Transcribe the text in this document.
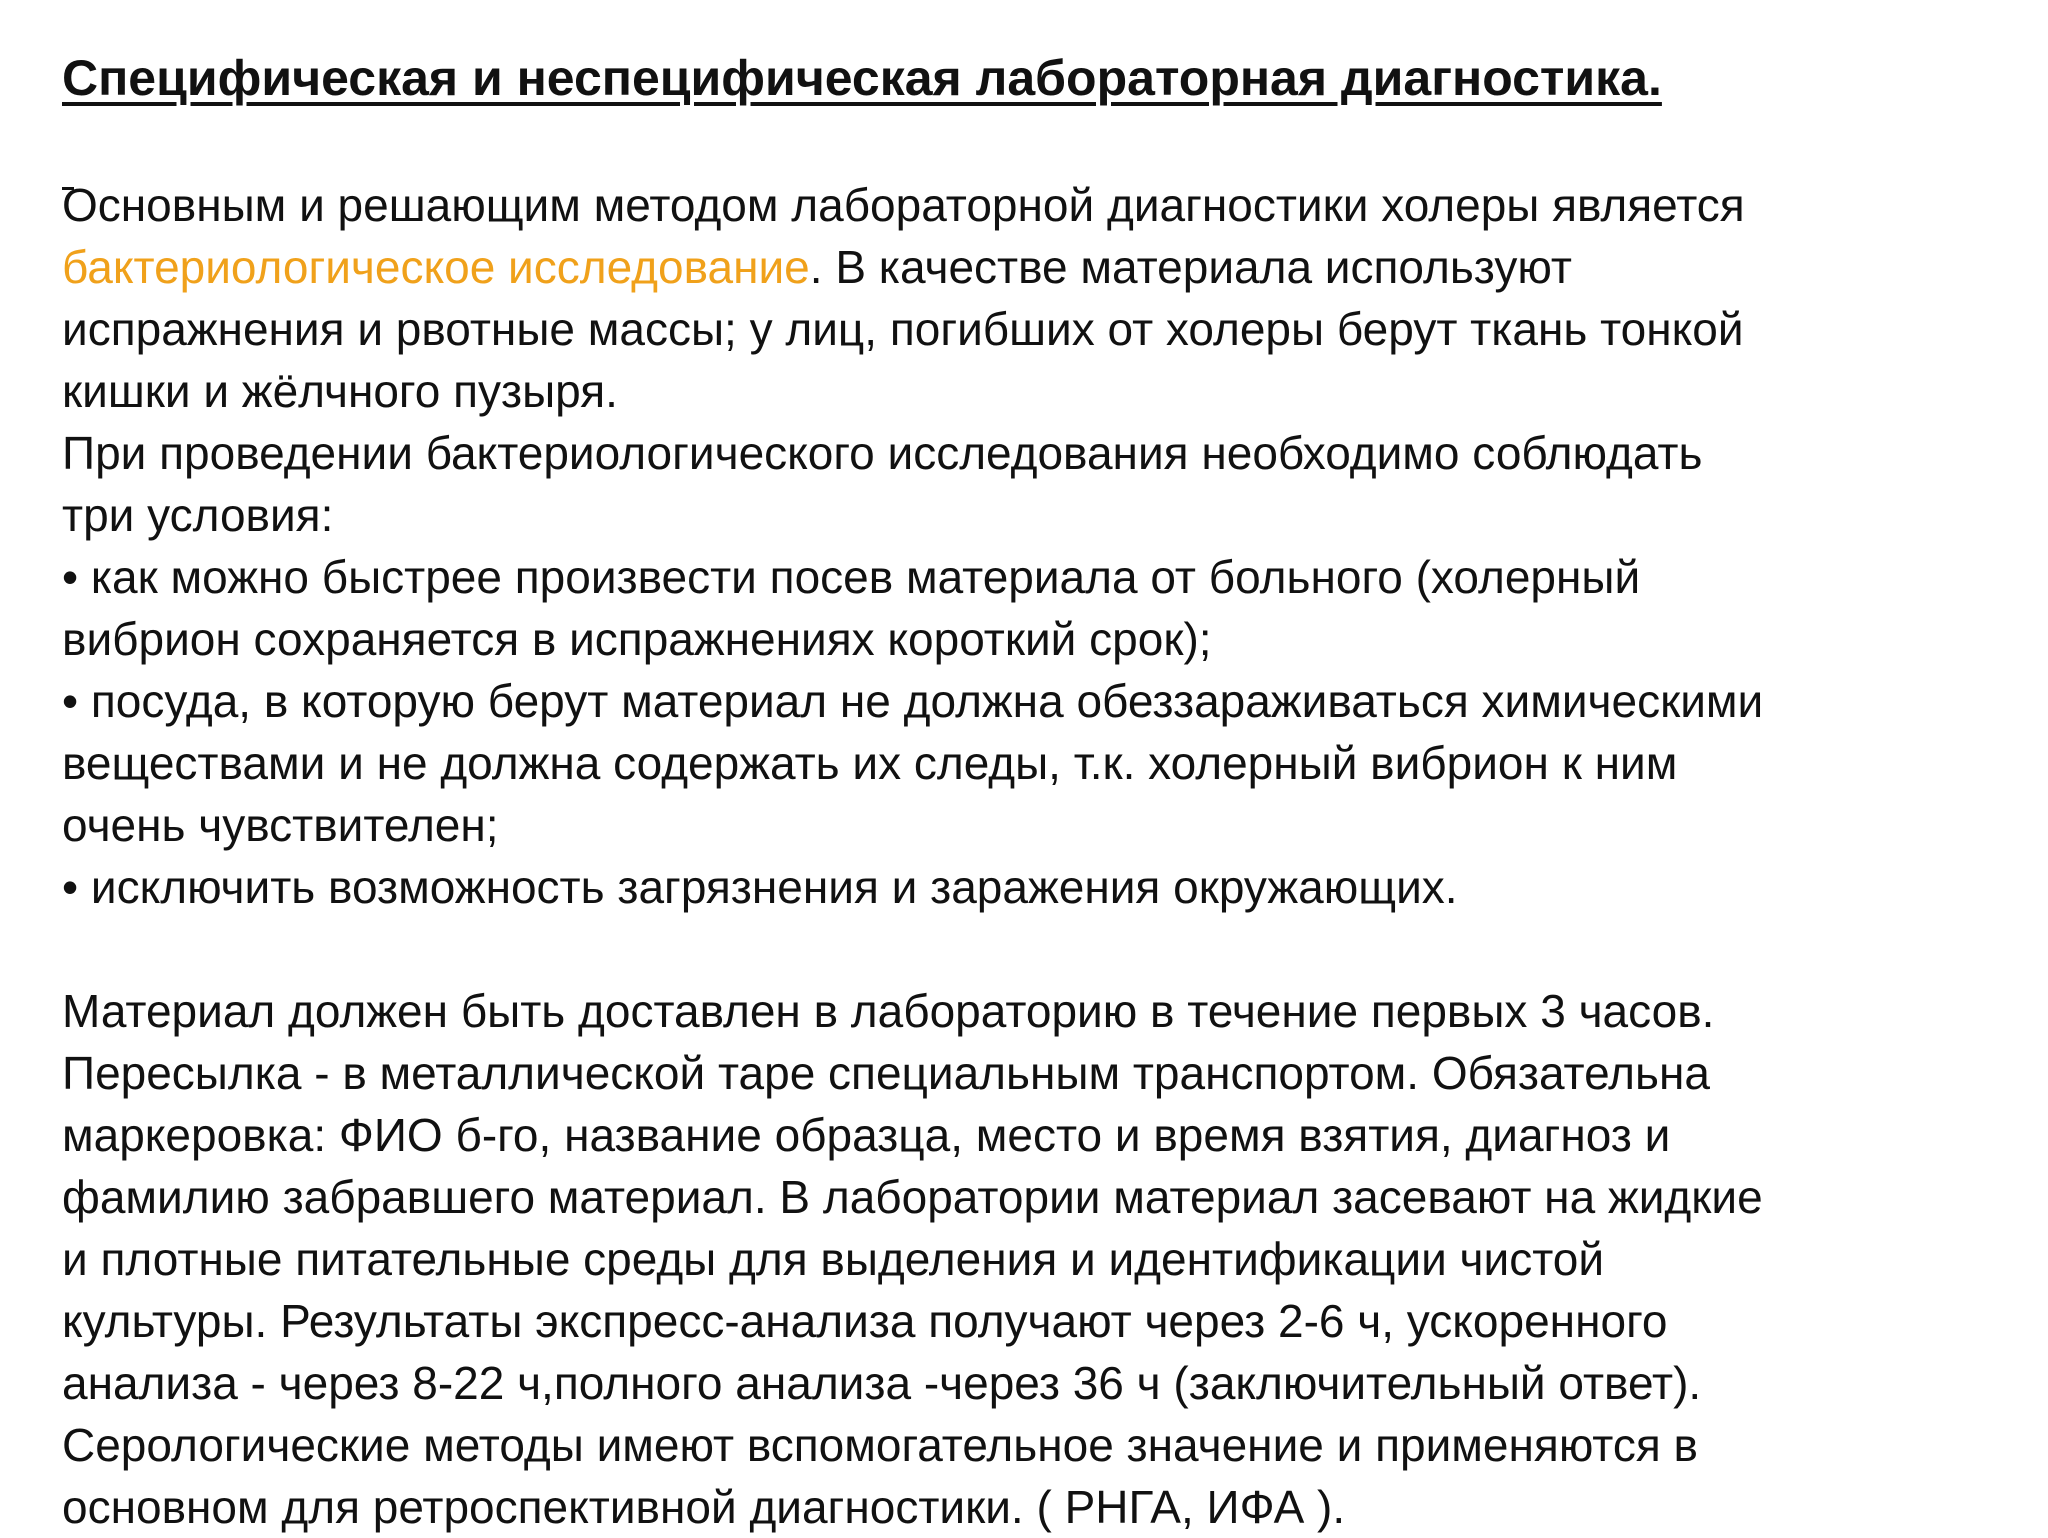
Специфическая и неспецифическая лабораторная диагностика.
Основным и решающим методом лабораторной диагностики холеры является
бактериологическое исследование. В качестве материала используют
испражнения и рвотные массы; у лиц, погибших от холеры берут ткань тонкой
кишки и жёлчного пузыря.
При проведении бактериологического исследования необходимо соблюдать
три условия:
• как можно быстрее произвести посев материала от больного (холерный
вибрион сохраняется в испражнениях короткий срок);
• посуда, в которую берут материал не должна обеззараживаться химическими
веществами и не должна содержать их следы, т.к. холерный вибрион к ним
очень чувствителен;
• исключить возможность загрязнения и заражения окружающих.
Материал должен быть доставлен в лабораторию в течение первых 3 часов.
Пересылка - в металлической таре специальным транспортом. Обязательна
маркеровка: ФИО б-го, название образца, место и время взятия, диагноз и
фамилию забравшего материал. В лаборатории материал засевают на жидкие
и плотные питательные среды для выделения и идентификации чистой
культуры. Результаты экспресс-анализа получают через 2-6 ч, ускоренного
анализа - через 8-22 ч,полного анализа -через 36 ч (заключительный ответ).
Серологические методы имеют вспомогательное значение и применяются в
основном для ретроспективной диагностики. ( РНГА, ИФА ).
